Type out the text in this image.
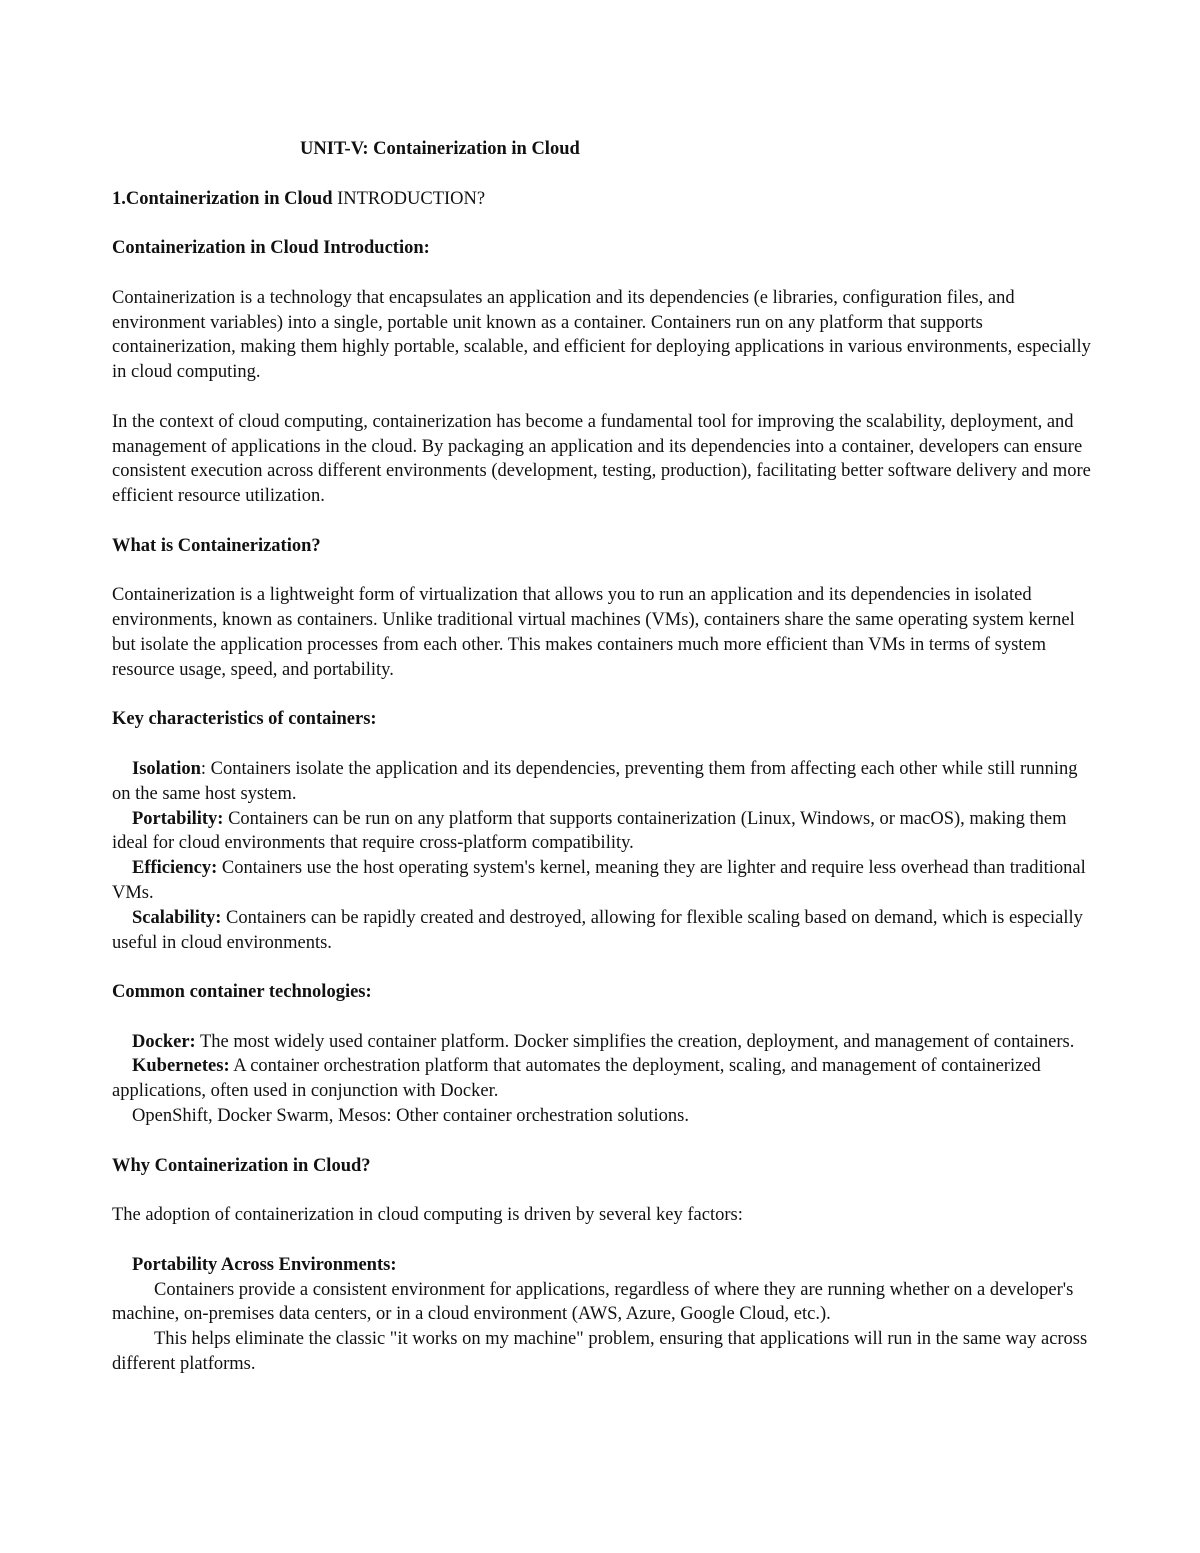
UNIT-V: Containerization in Cloud

1.Containerization in Cloud INTRODUCTION?

Containerization in Cloud Introduction:

Containerization is a technology that encapsulates an application and its dependencies (e libraries, configuration files, and environment variables) into a single, portable unit known as a container. Containers run on any platform that supports containerization, making them highly portable, scalable, and efficient for deploying applications in various environments, especially in cloud computing.

In the context of cloud computing, containerization has become a fundamental tool for improving the scalability, deployment, and management of applications in the cloud. By packaging an application and its dependencies into a container, developers can ensure consistent execution across different environments (development, testing, production), facilitating better software delivery and more efficient resource utilization.

What is Containerization?

Containerization is a lightweight form of virtualization that allows you to run an application and its dependencies in isolated environments, known as containers. Unlike traditional virtual machines (VMs), containers share the same operating system kernel but isolate the application processes from each other. This makes containers much more efficient than VMs in terms of system resource usage, speed, and portability.

Key characteristics of containers:

Isolation: Containers isolate the application and its dependencies, preventing them from affecting each other while still running on the same host system.

Portability: Containers can be run on any platform that supports containerization (Linux, Windows, or macOS), making them ideal for cloud environments that require cross-platform compatibility.

Efficiency: Containers use the host operating system's kernel, meaning they are lighter and require less overhead than traditional VMs.

Scalability: Containers can be rapidly created and destroyed, allowing for flexible scaling based on demand, which is especially useful in cloud environments.

Common container technologies:

Docker: The most widely used container platform. Docker simplifies the creation, deployment, and management of containers.

Kubernetes: A container orchestration platform that automates the deployment, scaling, and management of containerized applications, often used in conjunction with Docker.

OpenShift, Docker Swarm, Mesos: Other container orchestration solutions.

Why Containerization in Cloud?

The adoption of containerization in cloud computing is driven by several key factors:

Portability Across Environments:

Containers provide a consistent environment for applications, regardless of where they are running whether on a developer's machine, on-premises data centers, or in a cloud environment (AWS, Azure, Google Cloud, etc.).

This helps eliminate the classic "it works on my machine" problem, ensuring that applications will run in the same way across different platforms.
